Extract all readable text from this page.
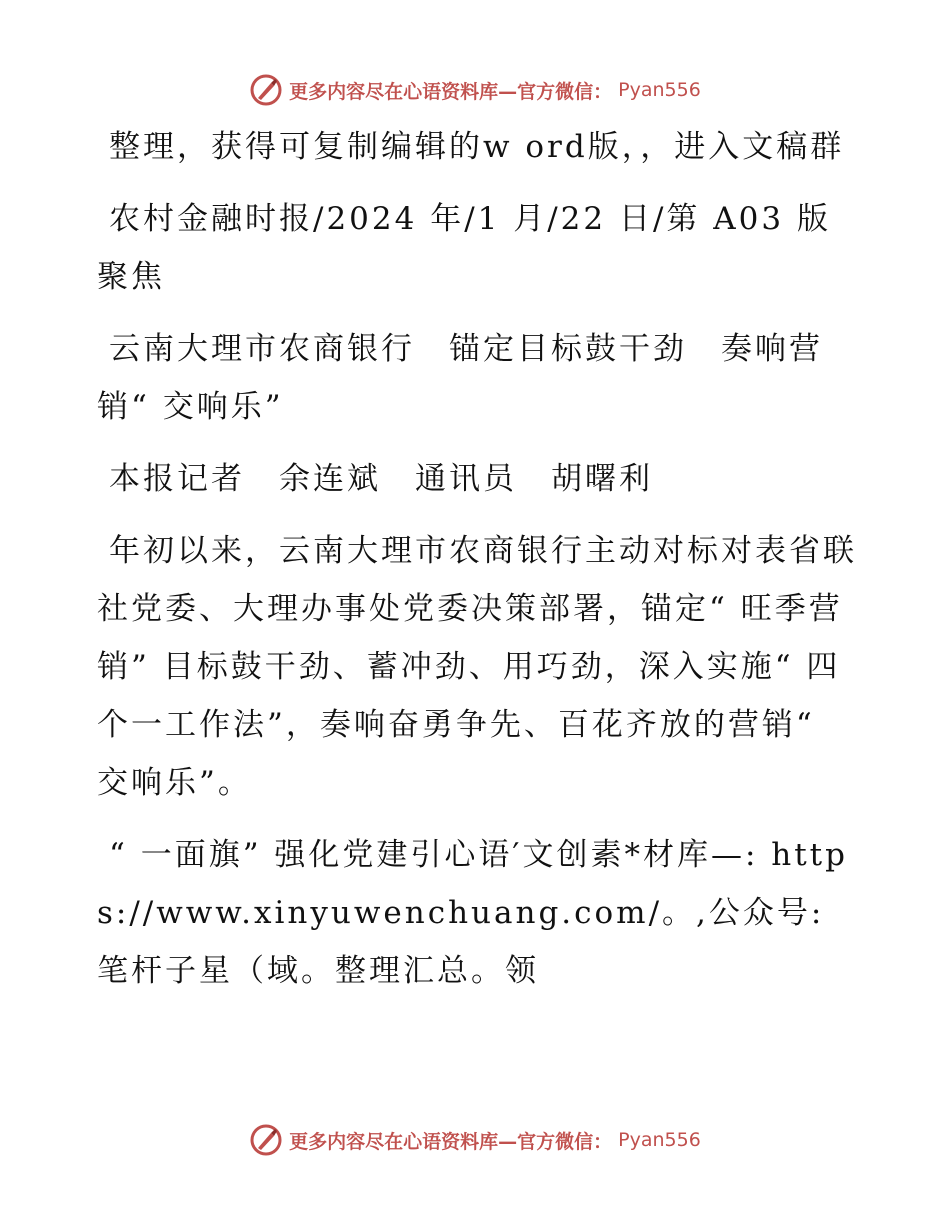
更多内容尽在心语资料库—官方微信： Pyan556

整理，获得可复制编辑的w ord版，，进入文稿群

农村金融时报/2024 年/1 月/22 日/第 A03 版聚焦

云南大理市农商银行　锚定目标鼓干劲　奏响营销“ 交响乐”

本报记者　余连斌　通讯员　胡曙利

年初以来，云南大理市农商银行主动对标对表省联社党委、大理办事处党委决策部署，锚定“ 旺季营销” 目标鼓干劲、蓄冲劲、用巧劲，深入实施“ 四个一工作法”，奏响奋勇争先、百花齐放的营销“ 交响乐”。

“ 一面旗” 强化党建引心语′文创素*材库—: https://www.xinyuwenchuang.com/。,公众号: 笔杆子星（域。整理汇总。领

更多内容尽在心语资料库—官方微信： Pyan556
